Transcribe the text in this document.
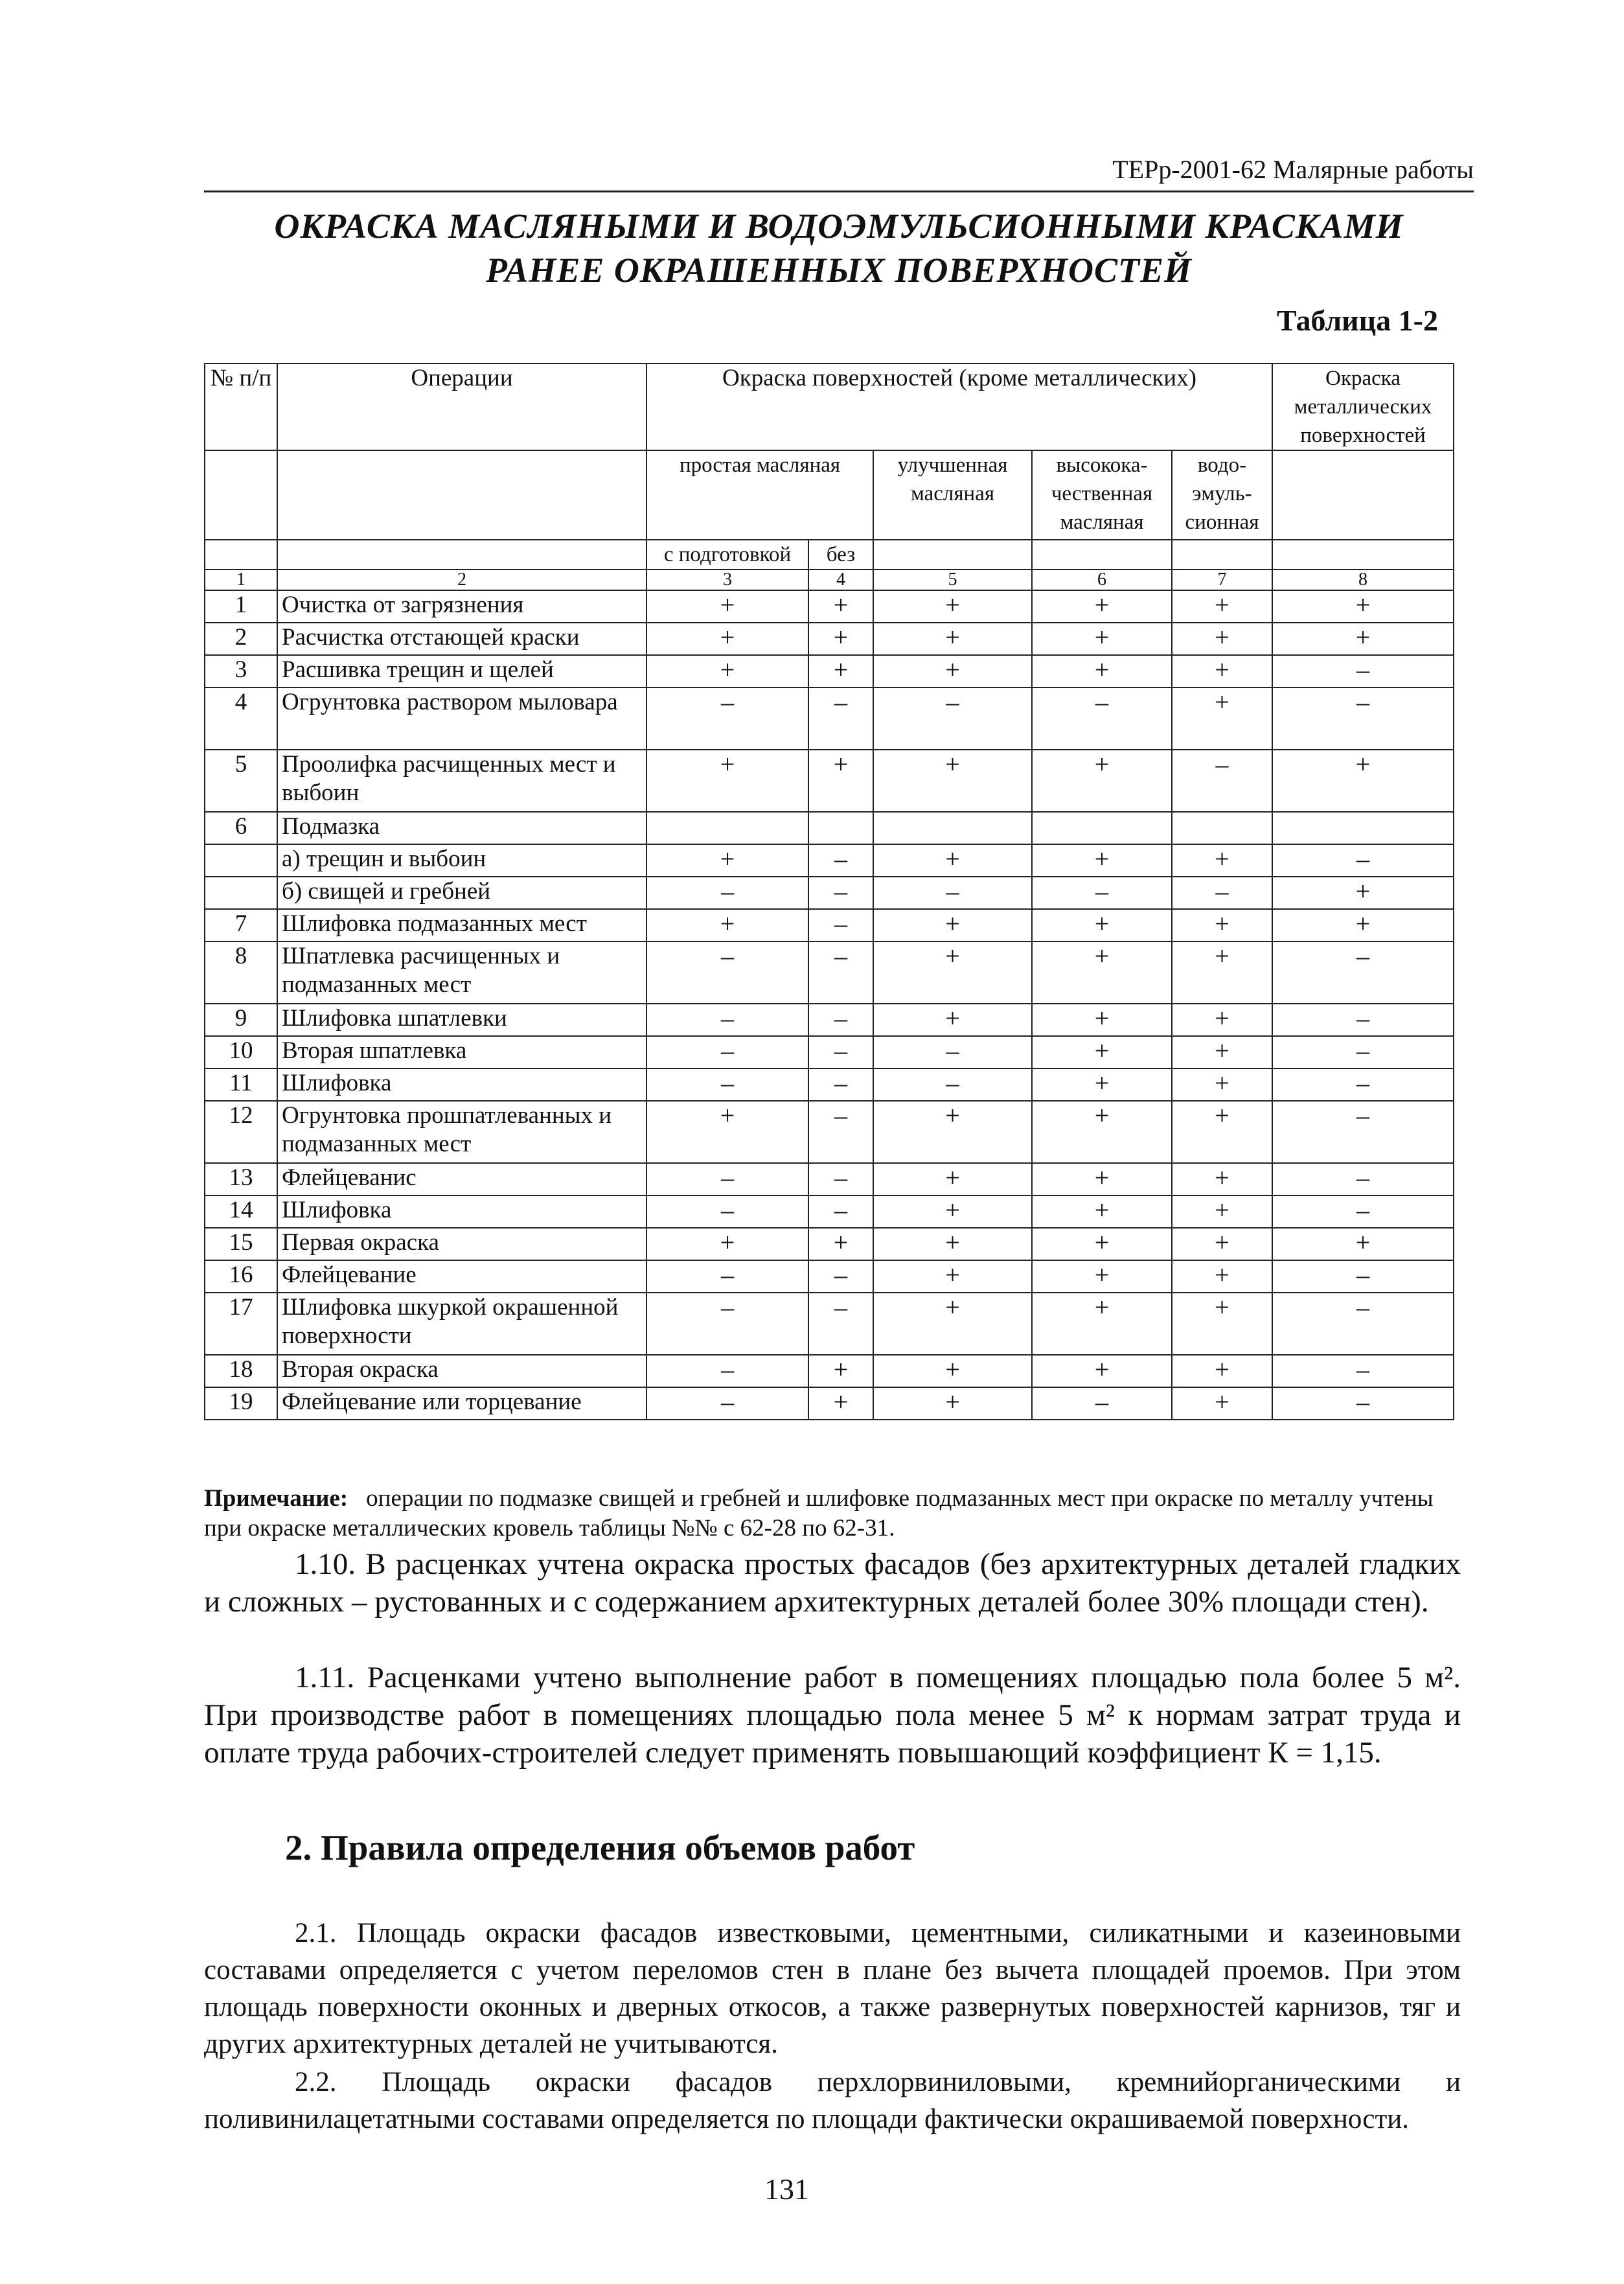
ТЕРр-2001-62 Малярные работы
ОКРАСКА МАСЛЯНЫМИ И ВОДОЭМУЛЬСИОННЫМИ КРАСКАМИ
РАНЕЕ ОКРАШЕННЫХ ПОВЕРХНОСТЕЙ
Таблица 1-2
№ п/п	Операции	Окраска поверхностей (кроме металлических)					Окраска металлических поверхностей
		простая масляная		улучшенная масляная	высокока-чественная масляная	водо-эмуль-сионная	
		с подготовкой	без				
1	2	3	4	5	6	7	8
1	Очистка от загрязнения	+	+	+	+	+	+
2	Расчистка отстающей краски	+	+	+	+	+	+
3	Расшивка трещин и щелей	+	+	+	+	+	–
4	Огрунтовка раствором мыловара	–	–	–	–	+	–
5	Проолифка расчищенных мест и выбоин	+	+	+	+	–	+
6	Подмазка						
	а) трещин и выбоин	+	–	+	+	+	–
	б) свищей и гребней	–	–	–	–	–	+
7	Шлифовка подмазанных мест	+	–	+	+	+	+
8	Шпатлевка расчищенных и подмазанных мест	–	–	+	+	+	–
9	Шлифовка шпатлевки	–	–	+	+	+	–
10	Вторая шпатлевка	–	–	–	+	+	–
11	Шлифовка	–	–	–	+	+	–
12	Огрунтовка прошпатлеванных и подмазанных мест	+	–	+	+	+	–
13	Флейцеванис	–	–	+	+	+	–
14	Шлифовка	–	–	+	+	+	–
15	Первая окраска	+	+	+	+	+	+
16	Флейцевание	–	–	+	+	+	–
17	Шлифовка шкуркой окрашенной поверхности	–	–	+	+	+	–
18	Вторая окраска	–	+	+	+	+	–
19	Флейцевание или торцевание	–	+	+	–	+	–
Примечание: операции по подмазке свищей и гребней и шлифовке подмазанных мест при окраске по металлу учтены при окраске металлических кровель таблицы №№ с 62-28 по 62-31.
1.10. В расценках учтена окраска простых фасадов (без архитектурных деталей гладких и сложных – рустованных и с содержанием архитектурных деталей более 30% площади стен).
1.11. Расценками учтено выполнение работ в помещениях площадью пола более 5 м². При производстве работ в помещениях площадью пола менее 5 м² к нормам затрат труда и оплате труда рабочих-строителей следует применять повышающий коэффициент К = 1,15.
2. Правила определения объемов работ
2.1. Площадь окраски фасадов известковыми, цементными, силикатными и казеиновыми составами определяется с учетом переломов стен в плане без вычета площадей проемов. При этом площадь поверхности оконных и дверных откосов, а также развернутых поверхностей карнизов, тяг и других архитектурных деталей не учитываются.
2.2. Площадь окраски фасадов перхлорвиниловыми, кремнийорганическими и поливинилацетатными составами определяется по площади фактически окрашиваемой поверхности.
131
